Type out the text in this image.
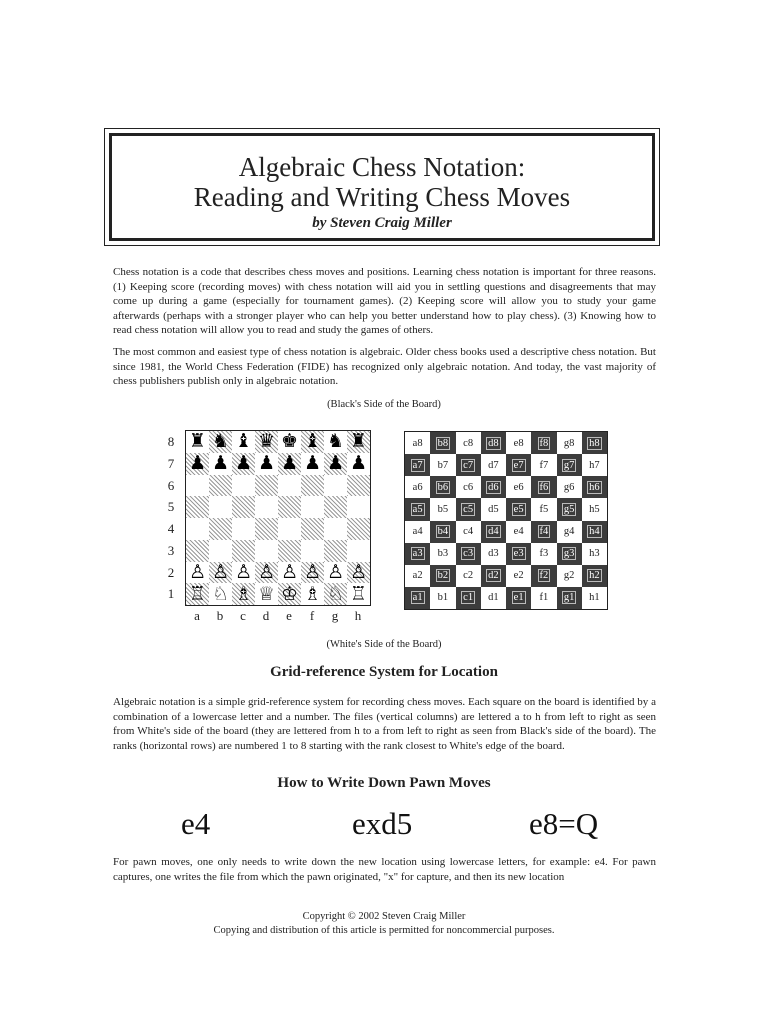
Algebraic Chess Notation:
Reading and Writing Chess Moves
by Steven Craig Miller
Chess notation is a code that describes chess moves and positions. Learning chess notation is important for three reasons. (1) Keeping score (recording moves) with chess notation will aid you in settling questions and disagreements that may come up during a game (especially for tournament games). (2) Keeping score will allow you to study your game afterwards (perhaps with a stronger player who can help you better understand how to play chess). (3) Knowing how to read chess notation will allow you to read and study the games of others.
The most common and easiest type of chess notation is algebraic. Older chess books used a descriptive chess notation. But since 1981, the World Chess Federation (FIDE) has recognized only algebraic notation. And today, the vast majority of chess publishers publish only in algebraic notation.
(Black's Side of the Board)
8
7
6
5
4
3
2
1
♜ ♞ ♝ ♛ ♚ ♝ ♞ ♜
♟ ♟ ♟ ♟ ♟ ♟ ♟ ♟
♙ ♙ ♙ ♙ ♙ ♙ ♙ ♙
♖ ♘ ♗ ♕ ♔ ♗ ♘ ♖
a	b	c	d	e	f	g	h
a8 b8 c8 d8 e8 f8 g8 h8
a7 b7 c7 d7 e7 f7 g7 h7
a6 b6 c6 d6 e6 f6 g6 h6
a5 b5 c5 d5 e5 f5 g5 h5
a4 b4 c4 d4 e4 f4 g4 h4
a3 b3 c3 d3 e3 f3 g3 h3
a2 b2 c2 d2 e2 f2 g2 h2
a1 b1 c1 d1 e1 f1 g1 h1
(White's Side of the Board)
Grid-reference System for Location
Algebraic notation is a simple grid-reference system for recording chess moves. Each square on the board is identified by a combination of a lowercase letter and a number. The files (vertical columns) are lettered a to h from left to right as seen from White's side of the board (they are lettered from h to a from left to right as seen from Black's side of the board). The ranks (horizontal rows) are numbered 1 to 8 starting with the rank closest to White's edge of the board.
How to Write Down Pawn Moves
e4	exd5	e8=Q
For pawn moves, one only needs to write down the new location using lowercase letters, for example: e4. For pawn captures, one writes the file from which the pawn originated, "x" for capture, and then its new location
Copyright © 2002 Steven Craig Miller
Copying and distribution of this article is permitted for noncommercial purposes.
